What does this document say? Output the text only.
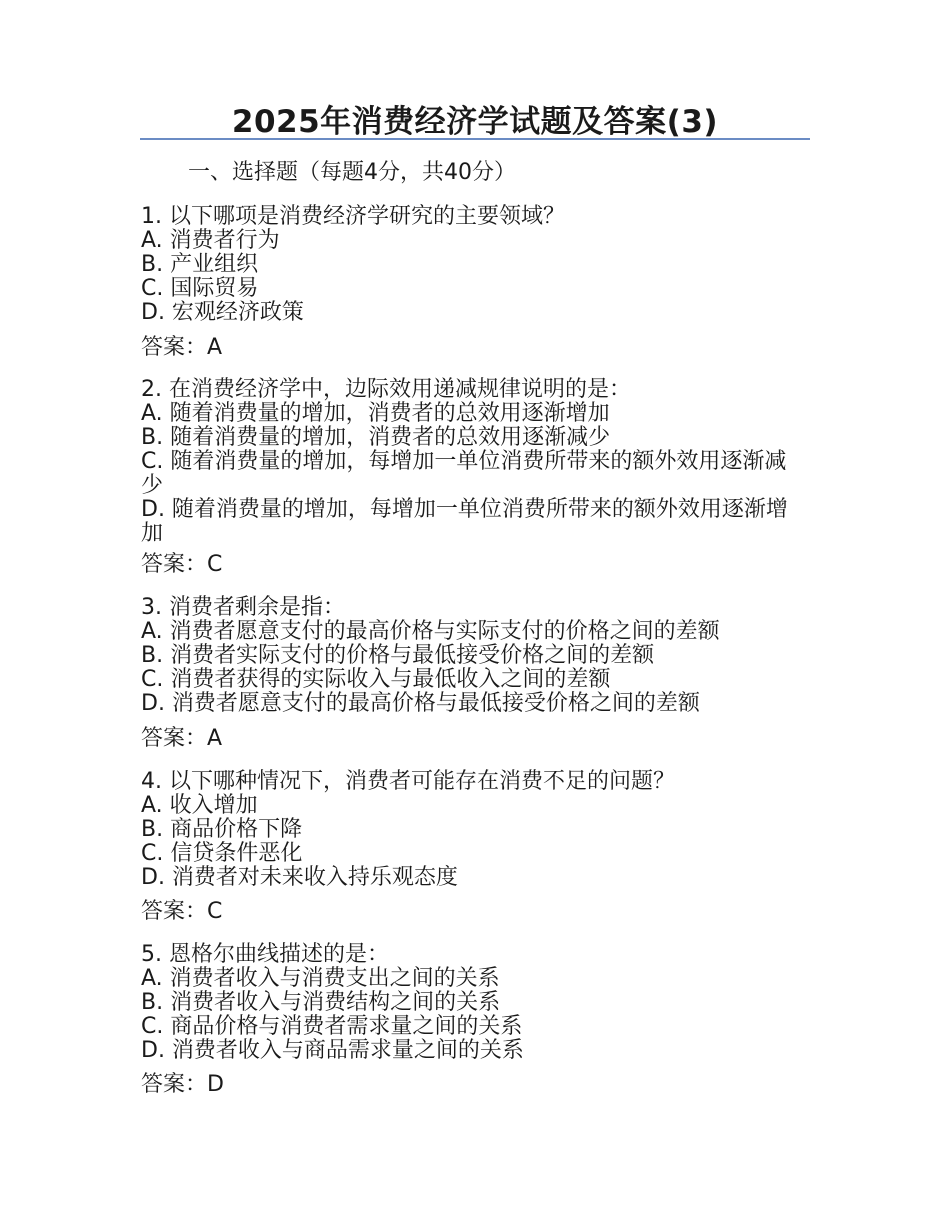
2025年消费经济学试题及答案(3)
一、选择题（每题4分，共40分）
1. 以下哪项是消费经济学研究的主要领域？
A. 消费者行为
B. 产业组织
C. 国际贸易
D. 宏观经济政策
答案：A
2. 在消费经济学中，边际效用递减规律说明的是：
A. 随着消费量的增加，消费者的总效用逐渐增加
B. 随着消费量的增加，消费者的总效用逐渐减少
C. 随着消费量的增加，每增加一单位消费所带来的额外效用逐渐减少
D. 随着消费量的增加，每增加一单位消费所带来的额外效用逐渐增加
答案：C
3. 消费者剩余是指：
A. 消费者愿意支付的最高价格与实际支付的价格之间的差额
B. 消费者实际支付的价格与最低接受价格之间的差额
C. 消费者获得的实际收入与最低收入之间的差额
D. 消费者愿意支付的最高价格与最低接受价格之间的差额
答案：A
4. 以下哪种情况下，消费者可能存在消费不足的问题？
A. 收入增加
B. 商品价格下降
C. 信贷条件恶化
D. 消费者对未来收入持乐观态度
答案：C
5. 恩格尔曲线描述的是：
A. 消费者收入与消费支出之间的关系
B. 消费者收入与消费结构之间的关系
C. 商品价格与消费者需求量之间的关系
D. 消费者收入与商品需求量之间的关系
答案：D
